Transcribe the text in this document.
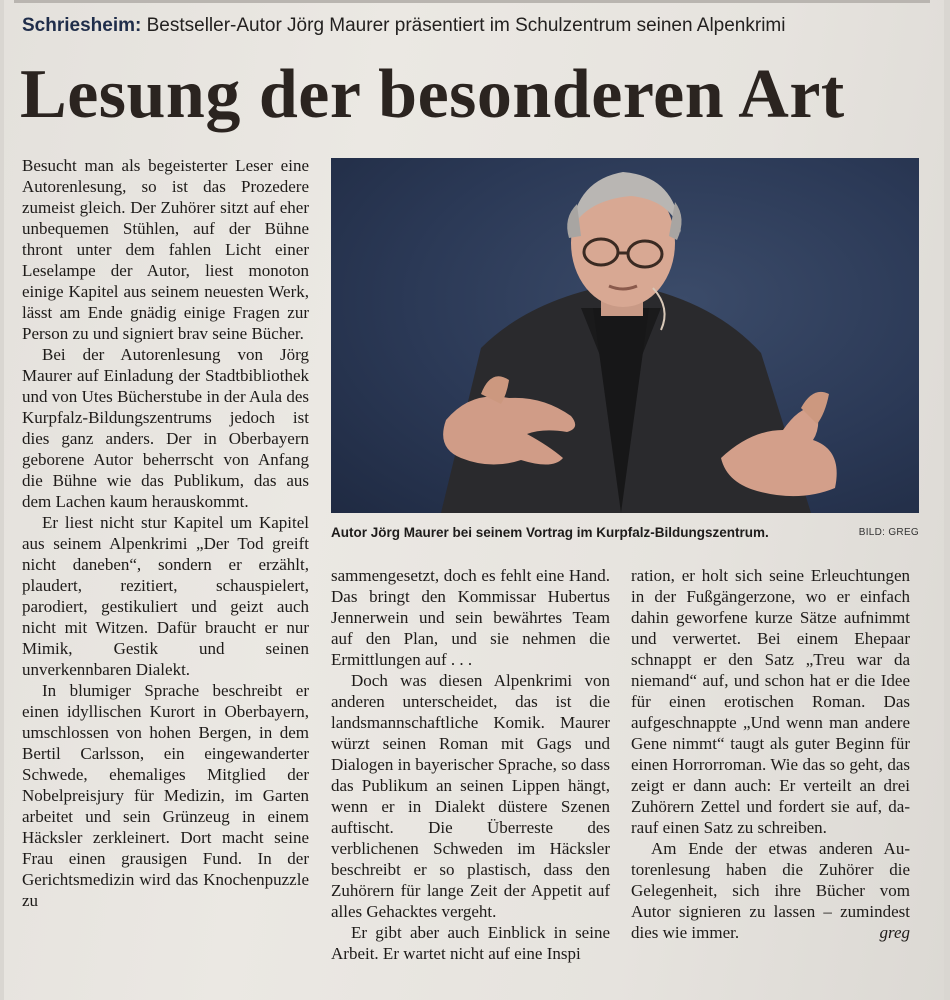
Schriesheim: Bestseller-Autor Jörg Maurer präsentiert im Schulzentrum seinen Alpenkrimi
Lesung der besonderen Art
Autor Jörg Maurer bei seinem Vortrag im Kurpfalz-Bildungszentrum.	BILD: GREG

Besucht man als begeisterter Leser eine Autorenlesung, so ist das Prozedere zumeist gleich. Der Zuhörer sitzt auf eher unbequemen Stühlen, auf der Bühne thront unter dem fahlen Licht einer Leselampe der Autor, liest monoton einige Kapitel aus seinem neuesten Werk, lässt am Ende gnädig einige Fragen zur Person zu und signiert brav seine Bücher.

Bei der Autorenlesung von Jörg Maurer auf Einladung der Stadtbibliothek und von Utes Bücherstube in der Aula des Kurpfalz-Bildungszentrums jedoch ist dies ganz anders. Der in Oberbayern geborene Autor beherrscht von Anfang die Bühne wie das Publikum, das aus dem Lachen kaum herauskommt.

Er liest nicht stur Kapitel um Kapitel aus seinem Alpenkrimi „Der Tod greift nicht daneben“, sondern er erzählt, plaudert, rezitiert, schauspielert, parodiert, gestikuliert und geizt auch nicht mit Witzen. Dafür braucht er nur Mimik, Gestik und seinen unverkennbaren Dialekt.

In blumiger Sprache beschreibt er einen idyllischen Kurort in Oberbayern, umschlossen von hohen Bergen, in dem Bertil Carlsson, ein eingewanderter Schwede, ehemaliges Mitglied der Nobelpreisjury für Medizin, im Garten arbeitet und sein Grünzeug in einem Häcksler zerkleinert. Dort macht seine Frau einen grausigen Fund. In der Gerichtsmedizin wird das Knochenpuzzle zu

sammengesetzt, doch es fehlt eine Hand. Das bringt den Kommissar Hubertus Jennerwein und sein bewährtes Team auf den Plan, und sie nehmen die Ermittlungen auf . . .

Doch was diesen Alpenkrimi von anderen unterscheidet, das ist die landsmannschaftliche Komik. Maurer würzt seinen Roman mit Gags und Dialogen in bayerischer Sprache, so dass das Publikum an seinen Lippen hängt, wenn er in Dialekt düstere Szenen auftischt. Die Überreste des verblichenen Schweden im Häcksler beschreibt er so plastisch, dass den Zuhörern für lange Zeit der Appetit auf alles Gehacktes vergeht.

Er gibt aber auch Einblick in seine Arbeit. Er wartet nicht auf eine Inspi

ration, er holt sich seine Erleuchtungen in der Fußgängerzone, wo er einfach dahin geworfene kurze Sätze aufnimmt und verwertet. Bei einem Ehepaar schnappt er den Satz „Treu war da niemand“ auf, und schon hat er die Idee für einen erotischen Roman. Das aufgeschnappte „Und wenn man andere Gene nimmt“ taugt als guter Beginn für einen Horrorroman. Wie das so geht, das zeigt er dann auch: Er verteilt an drei Zuhörern Zettel und fordert sie auf, darauf einen Satz zu schreiben.

Am Ende der etwas anderen Autorenlesung haben die Zuhörer die Gelegenheit, sich ihre Bücher vom Autor signieren zu lassen – zumindest dies wie immer.	greg
